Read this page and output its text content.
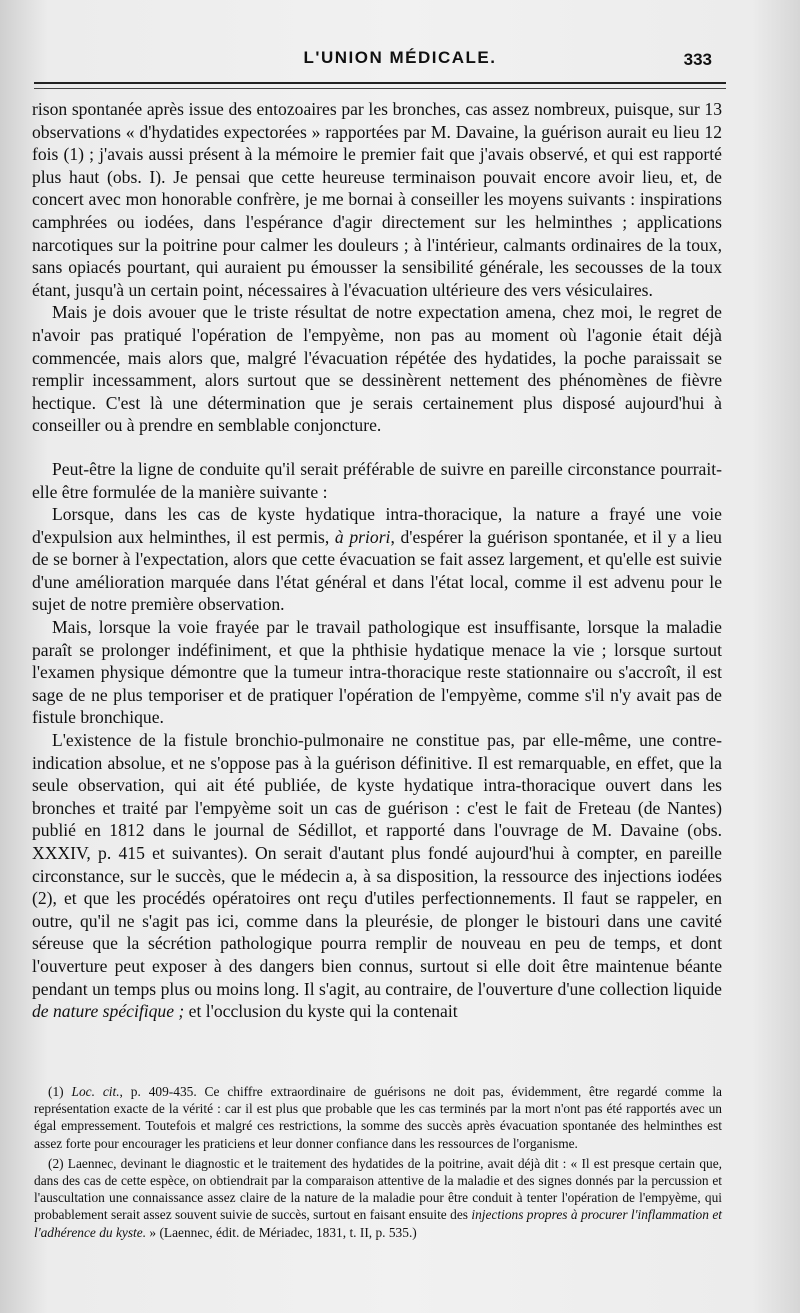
L'UNION MÉDICALE.	333

rison spontanée après issue des entozoaires par les bronches, cas assez nombreux, puisque, sur 13 observations « d'hydatides expectorées » rapportées par M. Davaine, la guérison aurait eu lieu 12 fois (1) ; j'avais aussi présent à la mémoire le premier fait que j'avais observé, et qui est rapporté plus haut (obs. I). Je pensai que cette heureuse terminaison pouvait encore avoir lieu, et, de concert avec mon honorable confrère, je me bornai à conseiller les moyens suivants : inspirations camphrées ou iodées, dans l'espérance d'agir directement sur les helminthes ; applications narcotiques sur la poitrine pour calmer les douleurs ; à l'intérieur, calmants ordinaires de la toux, sans opiacés pourtant, qui auraient pu émousser la sensibilité générale, les secousses de la toux étant, jusqu'à un certain point, nécessaires à l'évacuation ultérieure des vers vésiculaires.

Mais je dois avouer que le triste résultat de notre expectation amena, chez moi, le regret de n'avoir pas pratiqué l'opération de l'empyème, non pas au moment où l'agonie était déjà commencée, mais alors que, malgré l'évacuation répétée des hydatides, la poche paraissait se remplir incessamment, alors surtout que se dessinèrent nettement des phénomènes de fièvre hectique. C'est là une détermination que je serais certainement plus disposé aujourd'hui à conseiller ou à prendre en semblable conjoncture.

Peut-être la ligne de conduite qu'il serait préférable de suivre en pareille circonstance pourrait-elle être formulée de la manière suivante :

Lorsque, dans les cas de kyste hydatique intra-thoracique, la nature a frayé une voie d'expulsion aux helminthes, il est permis, à priori, d'espérer la guérison spontanée, et il y a lieu de se borner à l'expectation, alors que cette évacuation se fait assez largement, et qu'elle est suivie d'une amélioration marquée dans l'état général et dans l'état local, comme il est advenu pour le sujet de notre première observation.

Mais, lorsque la voie frayée par le travail pathologique est insuffisante, lorsque la maladie paraît se prolonger indéfiniment, et que la phthisie hydatique menace la vie ; lorsque surtout l'examen physique démontre que la tumeur intra-thoracique reste stationnaire ou s'accroît, il est sage de ne plus temporiser et de pratiquer l'opération de l'empyème, comme s'il n'y avait pas de fistule bronchique.

L'existence de la fistule bronchio-pulmonaire ne constitue pas, par elle-même, une contre-indication absolue, et ne s'oppose pas à la guérison définitive. Il est remarquable, en effet, que la seule observation, qui ait été publiée, de kyste hydatique intra-thoracique ouvert dans les bronches et traité par l'empyème soit un cas de guérison : c'est le fait de Freteau (de Nantes) publié en 1812 dans le journal de Sédillot, et rapporté dans l'ouvrage de M. Davaine (obs. XXXIV, p. 415 et suivantes). On serait d'autant plus fondé aujourd'hui à compter, en pareille circonstance, sur le succès, que le médecin a, à sa disposition, la ressource des injections iodées (2), et que les procédés opératoires ont reçu d'utiles perfectionnements. Il faut se rappeler, en outre, qu'il ne s'agit pas ici, comme dans la pleurésie, de plonger le bistouri dans une cavité séreuse que la sécrétion pathologique pourra remplir de nouveau en peu de temps, et dont l'ouverture peut exposer à des dangers bien connus, surtout si elle doit être maintenue béante pendant un temps plus ou moins long. Il s'agit, au contraire, de l'ouverture d'une collection liquide de nature spécifique ; et l'occlusion du kyste qui la contenait

(1) Loc. cit., p. 409-435. Ce chiffre extraordinaire de guérisons ne doit pas, évidemment, être regardé comme la représentation exacte de la vérité : car il est plus que probable que les cas terminés par la mort n'ont pas été rapportés avec un égal empressement. Toutefois et malgré ces restrictions, la somme des succès après évacuation spontanée des helminthes est assez forte pour encourager les praticiens et leur donner confiance dans les ressources de l'organisme.

(2) Laennec, devinant le diagnostic et le traitement des hydatides de la poitrine, avait déjà dit : « Il est presque certain que, dans des cas de cette espèce, on obtiendrait par la comparaison attentive de la maladie et des signes donnés par la percussion et l'auscultation une connaissance assez claire de la nature de la maladie pour être conduit à tenter l'opération de l'empyème, qui probablement serait assez souvent suivie de succès, surtout en faisant ensuite des injections propres à procurer l'inflammation et l'adhérence du kyste. » (Laennec, édit. de Mériadec, 1831, t. II, p. 535.)
